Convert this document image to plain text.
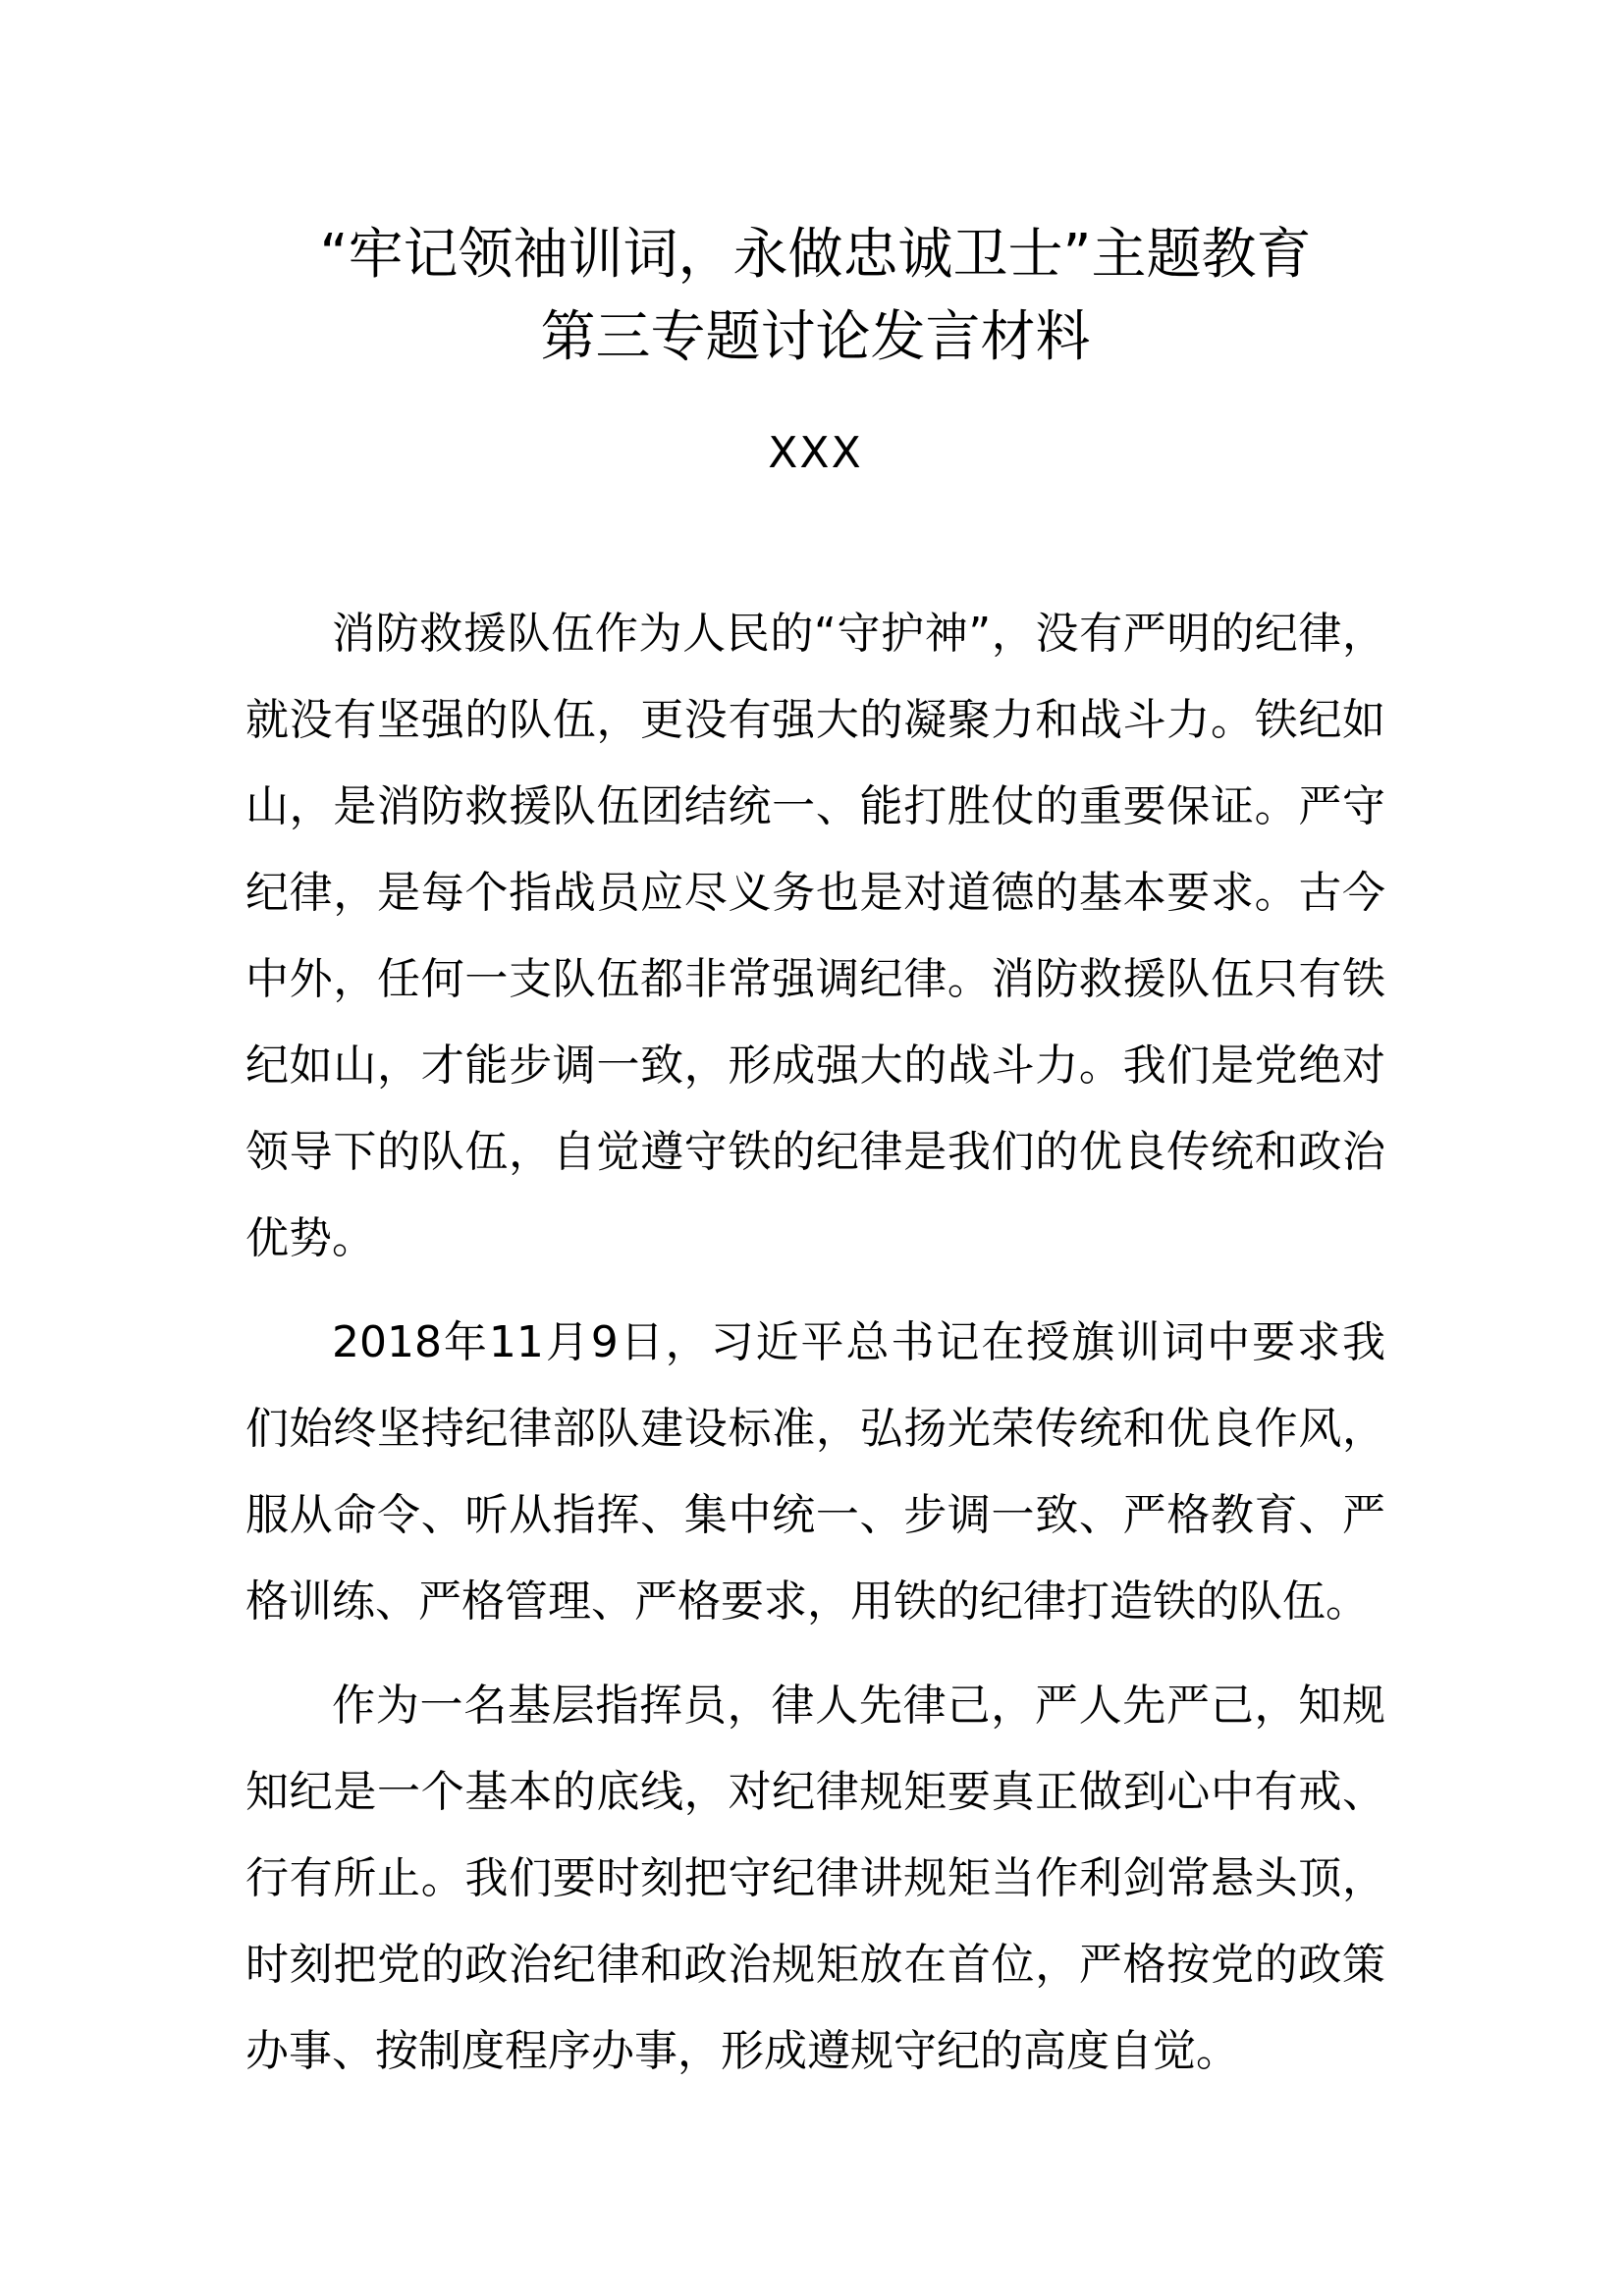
“牢记领袖训词，永做忠诚卫士”主题教育
第三专题讨论发言材料
XXX

消防救援队伍作为人民的“守护神”，没有严明的纪律，就没有坚强的队伍，更没有强大的凝聚力和战斗力。铁纪如山，是消防救援队伍团结统一、能打胜仗的重要保证。严守纪律，是每个指战员应尽义务也是对道德的基本要求。古今中外，任何一支队伍都非常强调纪律。消防救援队伍只有铁纪如山，才能步调一致，形成强大的战斗力。我们是党绝对领导下的队伍，自觉遵守铁的纪律是我们的优良传统和政治优势。

2018年11月9日，习近平总书记在授旗训词中要求我们始终坚持纪律部队建设标准，弘扬光荣传统和优良作风，服从命令、听从指挥、集中统一、步调一致、严格教育、严格训练、严格管理、严格要求，用铁的纪律打造铁的队伍。

作为一名基层指挥员，律人先律己，严人先严己，知规知纪是一个基本的底线，对纪律规矩要真正做到心中有戒、行有所止。我们要时刻把守纪律讲规矩当作利剑常悬头顶，时刻把党的政治纪律和政治规矩放在首位，严格按党的政策办事、按制度程序办事，形成遵规守纪的高度自觉。
